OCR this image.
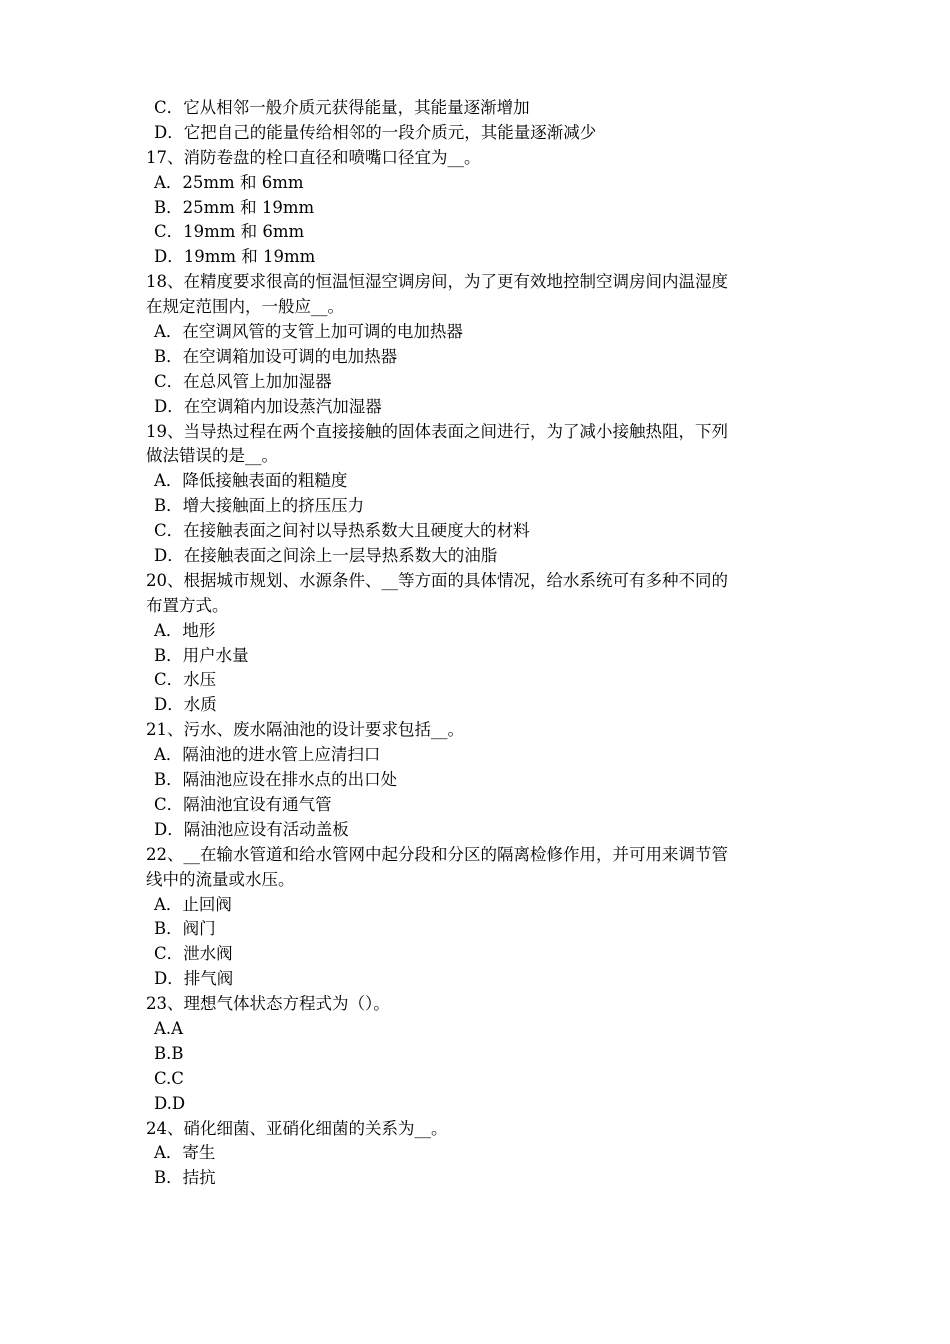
C．它从相邻一般介质元获得能量，其能量逐渐增加
D．它把自己的能量传给相邻的一段介质元，其能量逐渐减少
17、消防卷盘的栓口直径和喷嘴口径宜为__。
A．25mm 和 6mm
B．25mm 和 19mm
C．19mm 和 6mm
D．19mm 和 19mm
18、在精度要求很高的恒温恒湿空调房间，为了更有效地控制空调房间内温湿度
在规定范围内，一般应__。
A．在空调风管的支管上加可调的电加热器
B．在空调箱加设可调的电加热器
C．在总风管上加加湿器
D．在空调箱内加设蒸汽加湿器
19、当导热过程在两个直接接触的固体表面之间进行，为了减小接触热阻，下列
做法错误的是__。
A．降低接触表面的粗糙度
B．增大接触面上的挤压压力
C．在接触表面之间衬以导热系数大且硬度大的材料
D．在接触表面之间涂上一层导热系数大的油脂
20、根据城市规划、水源条件、__等方面的具体情况，给水系统可有多种不同的
布置方式。
A．地形
B．用户水量
C．水压
D．水质
21、污水、废水隔油池的设计要求包括__。
A．隔油池的进水管上应清扫口
B．隔油池应设在排水点的出口处
C．隔油池宜设有通气管
D．隔油池应设有活动盖板
22、__在输水管道和给水管网中起分段和分区的隔离检修作用，并可用来调节管
线中的流量或水压。
A．止回阀
B．阀门
C．泄水阀
D．排气阀
23、理想气体状态方程式为（）。
A.A
B.B
C.C
D.D
24、硝化细菌、亚硝化细菌的关系为__。
A．寄生
B．拮抗
